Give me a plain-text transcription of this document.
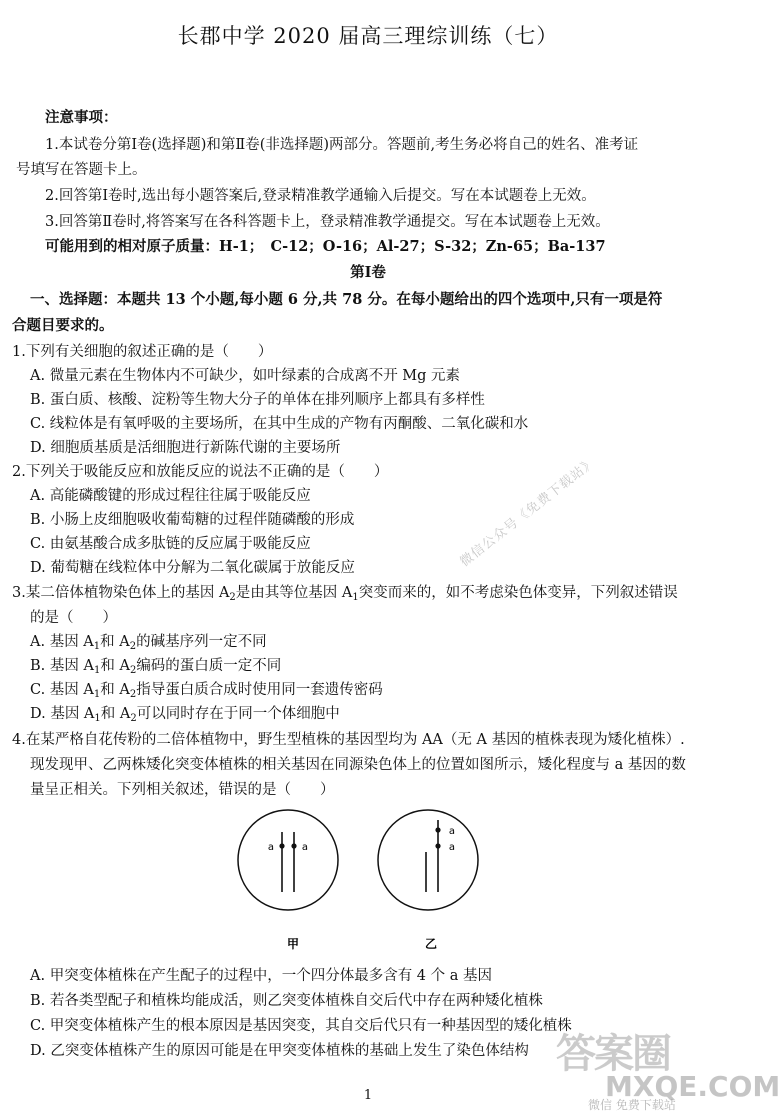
长郡中学 2020 届高三理综训练（七）
注意事项：
1.本试卷分第Ⅰ卷(选择题)和第Ⅱ卷(非选择题)两部分。答题前,考生务必将自己的姓名、准考证
号填写在答题卡上。
2.回答第Ⅰ卷时,选出每小题答案后,登录精准教学通输入后提交。写在本试题卷上无效。
3.回答第Ⅱ卷时,将答案写在各科答题卡上，登录精准教学通提交。写在本试题卷上无效。
可能用到的相对原子质量：H-1；　C-12；O-16；Al-27；S-32；Zn-65；Ba-137
第Ⅰ卷
一、选择题：本题共 13 个小题,每小题 6 分,共 78 分。在每小题给出的四个选项中,只有一项是符
合题目要求的。
1.下列有关细胞的叙述正确的是（　　）
A. 微量元素在生物体内不可缺少，如叶绿素的合成离不开 Mg 元素
B. 蛋白质、核酸、淀粉等生物大分子的单体在排列顺序上都具有多样性
C. 线粒体是有氧呼吸的主要场所，在其中生成的产物有丙酮酸、二氧化碳和水
D. 细胞质基质是活细胞进行新陈代谢的主要场所
2.下列关于吸能反应和放能反应的说法不正确的是（　　）
A. 高能磷酸键的形成过程往往属于吸能反应
B. 小肠上皮细胞吸收葡萄糖的过程伴随磷酸的形成
C. 由氨基酸合成多肽链的反应属于吸能反应
D. 葡萄糖在线粒体中分解为二氧化碳属于放能反应
3.某二倍体植物染色体上的基因 $A_2$是由其等位基因 $A_1$突变而来的，如不考虑染色体变异，下列叙述错误
的是（　　）
A. 基因 $A_1$和 $A_2$的碱基序列一定不同
B. 基因 $A_1$和 $A_2$编码的蛋白质一定不同
C. 基因 $A_1$和 $A_2$指导蛋白质合成时使用同一套遗传密码
D. 基因 $A_1$和 $A_2$可以同时存在于同一个体细胞中
微信公众号《免费下载站》
4.在某严格自花传粉的二倍体植物中，野生型植株的基因型均为 AA（无 A 基因的植株表现为矮化植株）.
现发现甲、乙两株矮化突变体植株的相关基因在同源染色体上的位置如图所示，矮化程度与 a 基因的数
量呈正相关。下列相关叙述，错误的是（　　）
a	a
a
a
甲	乙
A. 甲突变体植株在产生配子的过程中，一个四分体最多含有 4 个 a 基因
B. 若各类型配子和植株均能成活，则乙突变体植株自交后代中存在两种矮化植株
C. 甲突变体植株产生的根本原因是基因突变，其自交后代只有一种基因型的矮化植株
D. 乙突变体植株产生的原因可能是在甲突变体植株的基础上发生了染色体结构 答案圈
MXQE.COM
微信 免费下载站
1
